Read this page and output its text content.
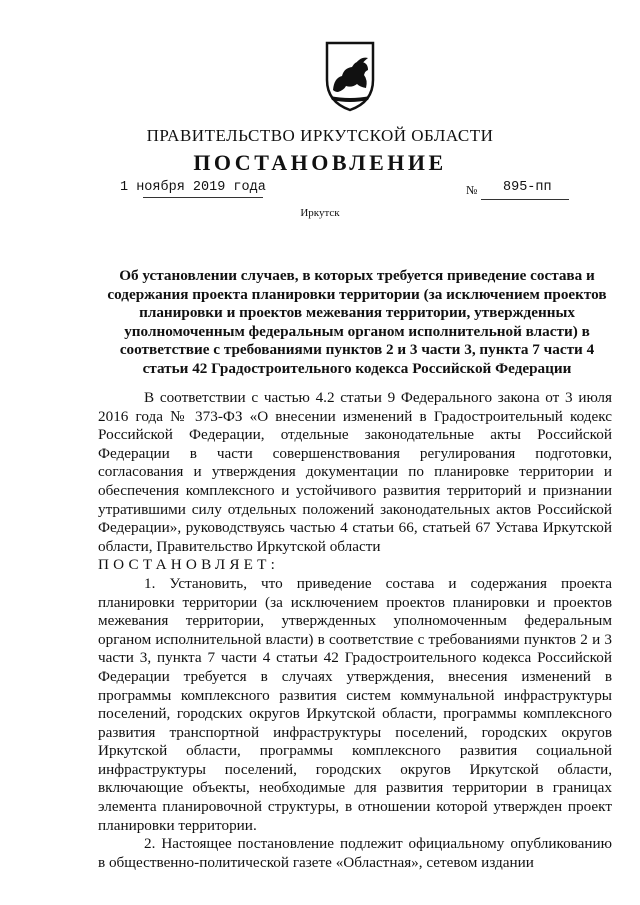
ПРАВИТЕЛЬСТВО ИРКУТСКОЙ ОБЛАСТИ
ПОСТАНОВЛЕНИЕ
1 ноября 2019 года	№ 895-пп
Иркутск
Об установлении случаев, в которых требуется приведение состава и содержания проекта планировки территории (за исключением проектов планировки и проектов межевания территории, утвержденных уполномоченным федеральным органом исполнительной власти) в соответствие с требованиями пунктов 2 и 3 части 3, пункта 7 части 4 статьи 42 Градостроительного кодекса Российской Федерации

В соответствии с частью 4.2 статьи 9 Федерального закона от 3 июля 2016 года № 373-ФЗ «О внесении изменений в Градостроительный кодекс Российской Федерации, отдельные законодательные акты Российской Федерации в части совершенствования регулирования подготовки, согласования и утверждения документации по планировке территории и обеспечения комплексного и устойчивого развития территорий и признании утратившими силу отдельных положений законодательных актов Российской Федерации», руководствуясь частью 4 статьи 66, статьей 67 Устава Иркутской области, Правительство Иркутской области

ПОСТАНОВЛЯЕТ:

1. Установить, что приведение состава и содержания проекта планировки территории (за исключением проектов планировки и проектов межевания территории, утвержденных уполномоченным федеральным органом исполнительной власти) в соответствие с требованиями пунктов 2 и 3 части 3, пункта 7 части 4 статьи 42 Градостроительного кодекса Российской Федерации требуется в случаях утверждения, внесения изменений в программы комплексного развития систем коммунальной инфраструктуры поселений, городских округов Иркутской области, программы комплексного развития транспортной инфраструктуры поселений, городских округов Иркутской области, программы комплексного развития социальной инфраструктуры поселений, городских округов Иркутской области, включающие объекты, необходимые для развития территории в границах элемента планировочной структуры, в отношении которой утвержден проект планировки территории.

2. Настоящее постановление подлежит официальному опубликованию в общественно-политической газете «Областная», сетевом издании
